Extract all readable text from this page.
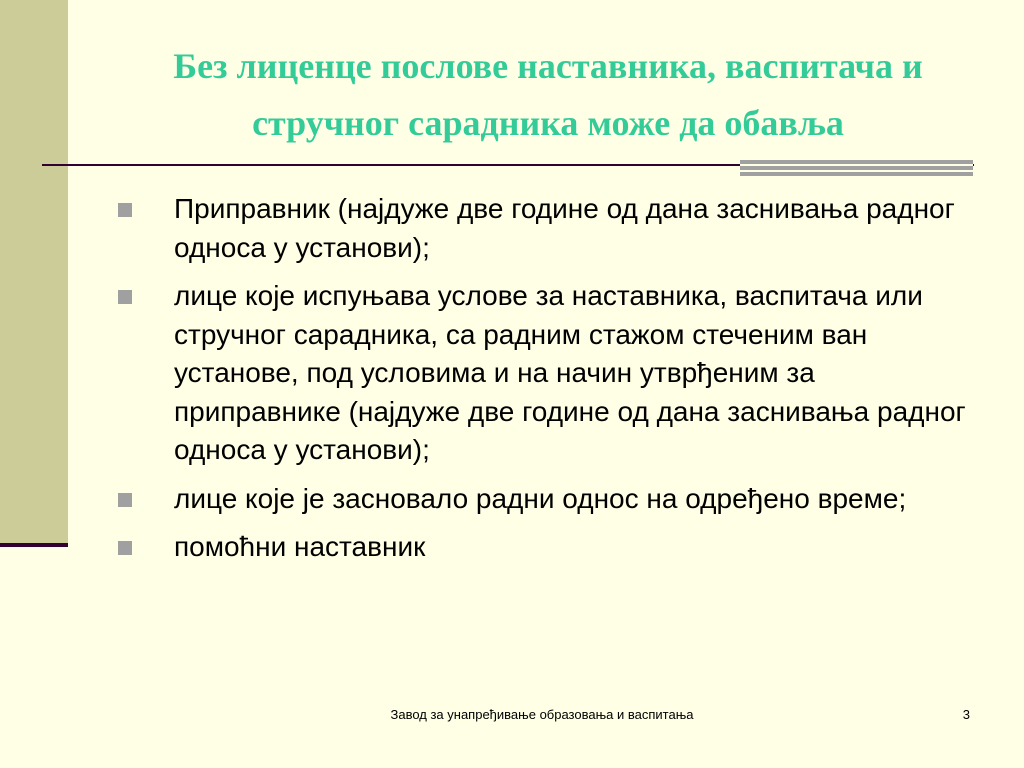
Без лиценце послове наставника, васпитача и
стручног сарадника може да обавља
Приправник (најдуже две године од дана заснивања радног односа у установи);
лице које испуњава услове за наставника, васпитача или стручног сарадника, са радним стажом стеченим ван установе, под условима и на начин утврђеним за приправнике (најдуже две године од дана заснивања радног односа у установи);
лице које је засновало радни однос на одређено време;
помоћни наставник
Завод за унапређивање образовања и васпитања	3
